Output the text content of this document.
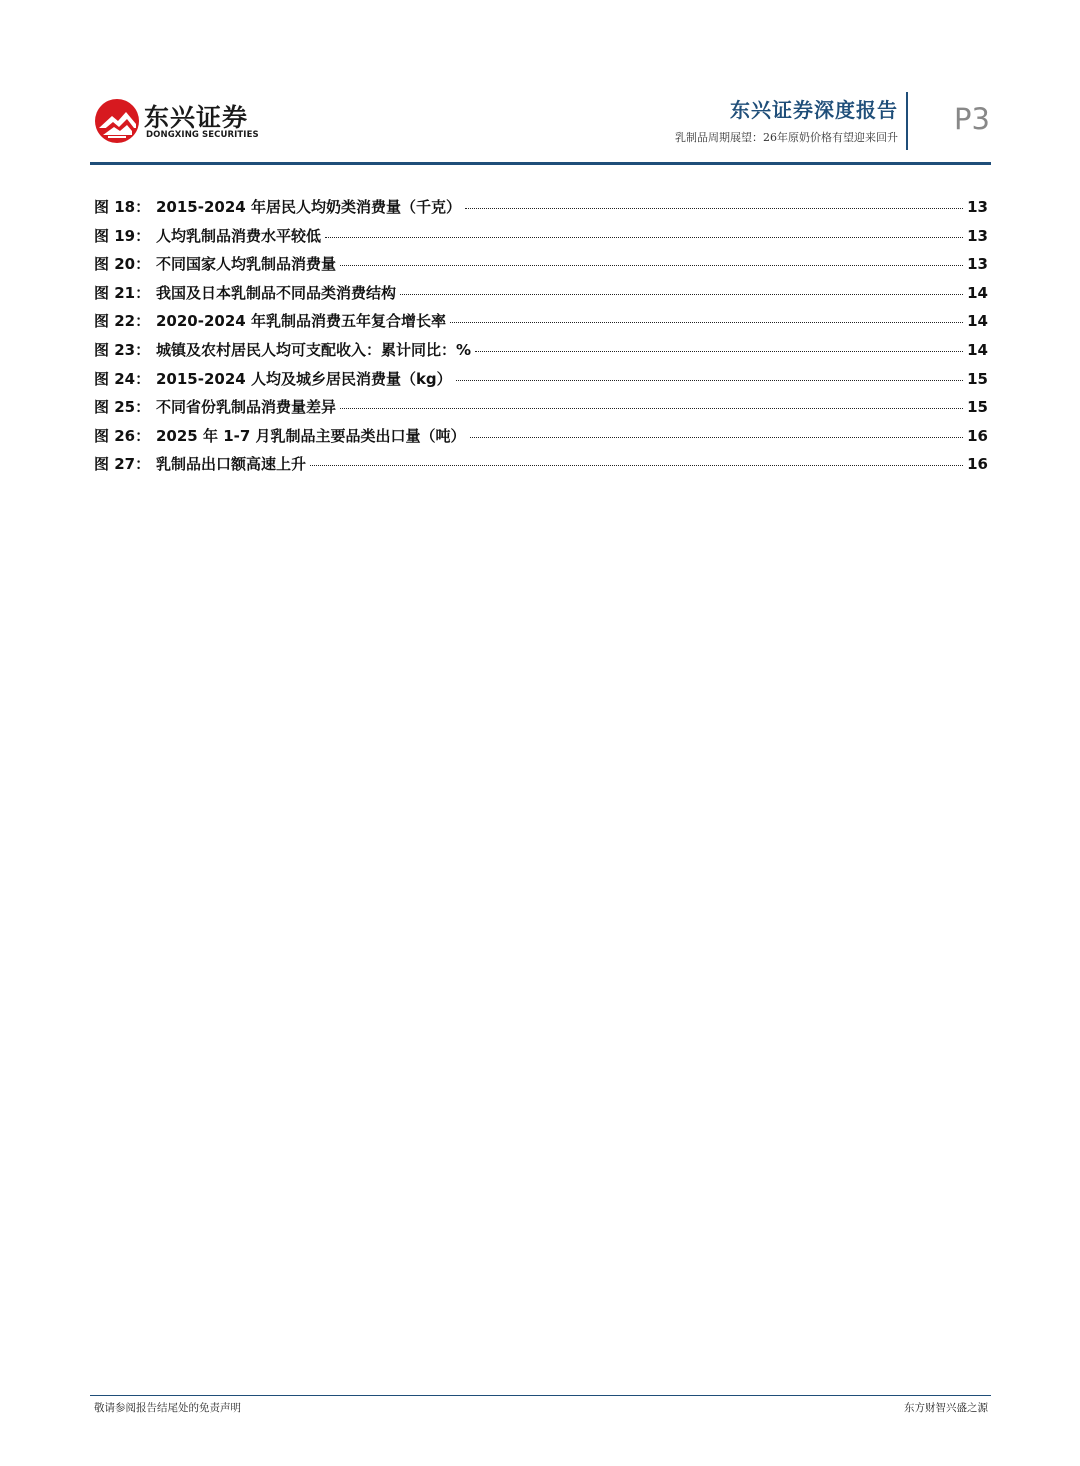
东兴证券
DONGXING SECURITIES
东兴证券深度报告
乳制品周期展望：26年原奶价格有望迎来回升
P3
图 18： 2015-2024 年居民人均奶类消费量（千克）	13
图 19： 人均乳制品消费水平较低	13
图 20： 不同国家人均乳制品消费量	13
图 21： 我国及日本乳制品不同品类消费结构	14
图 22： 2020-2024 年乳制品消费五年复合增长率	14
图 23： 城镇及农村居民人均可支配收入：累计同比：%	14
图 24： 2015-2024 人均及城乡居民消费量（kg）	15
图 25： 不同省份乳制品消费量差异	15
图 26： 2025 年 1-7 月乳制品主要品类出口量（吨）	16
图 27： 乳制品出口额高速上升	16
敬请参阅报告结尾处的免责声明	东方财智兴盛之源
